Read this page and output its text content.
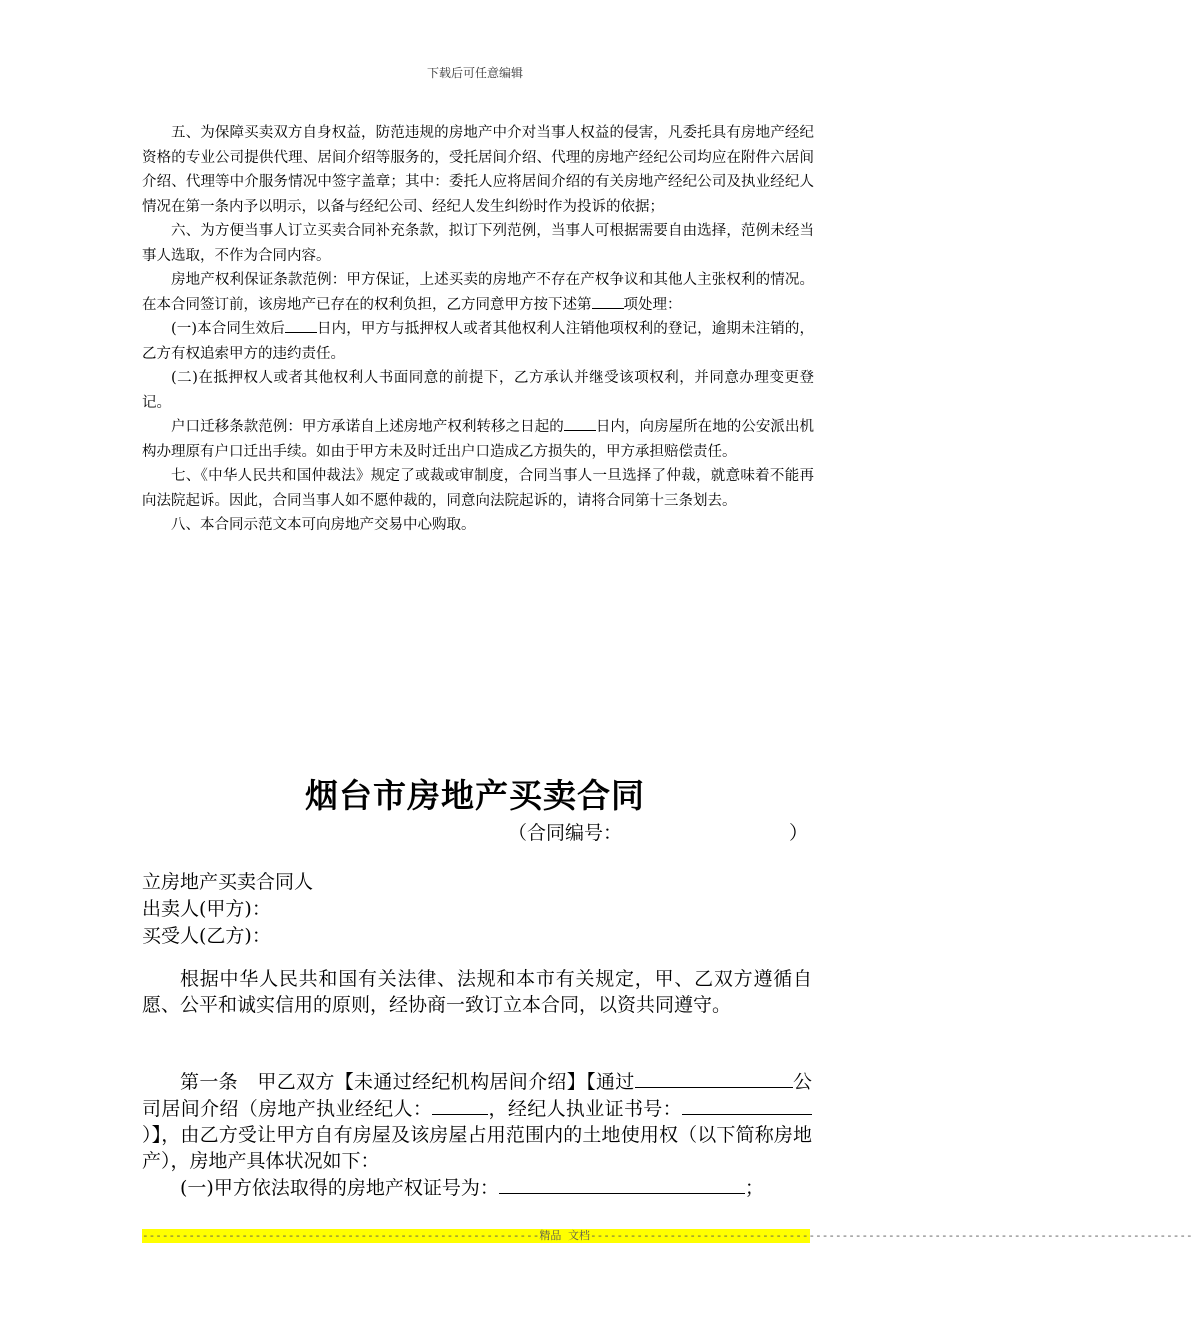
下载后可任意编辑

五、为保障买卖双方自身权益，防范违规的房地产中介对当事人权益的侵害，凡委托具有房地产经纪资格的专业公司提供代理、居间介绍等服务的，受托居间介绍、代理的房地产经纪公司均应在附件六居间介绍、代理等中介服务情况中签字盖章；其中：委托人应将居间介绍的有关房地产经纪公司及执业经纪人情况在第一条内予以明示，以备与经纪公司、经纪人发生纠纷时作为投诉的依据；

六、为方便当事人订立买卖合同补充条款，拟订下列范例，当事人可根据需要自由选择，范例未经当事人选取，不作为合同内容。

房地产权利保证条款范例：甲方保证，上述买卖的房地产不存在产权争议和其他人主张权利的情况。在本合同签订前，该房地产已存在的权利负担，乙方同意甲方按下述第 项处理：

(一)本合同生效后 日内，甲方与抵押权人或者其他权利人注销他项权利的登记，逾期未注销的，乙方有权追索甲方的违约责任。

(二)在抵押权人或者其他权利人书面同意的前提下，乙方承认并继受该项权利，并同意办理变更登记。

户口迁移条款范例：甲方承诺自上述房地产权利转移之日起的 日内，向房屋所在地的公安派出机构办理原有户口迁出手续。如由于甲方未及时迁出户口造成乙方损失的，甲方承担赔偿责任。

七、《中华人民共和国仲裁法》规定了或裁或审制度，合同当事人一旦选择了仲裁，就意味着不能再向法院起诉。因此，合同当事人如不愿仲裁的，同意向法院起诉的，请将合同第十三条划去。

八、本合同示范文本可向房地产交易中心购取。

烟台市房地产买卖合同
（合同编号：	）
立房地产买卖合同人
出卖人(甲方)：
买受人(乙方)：

根据中华人民共和国有关法律、法规和本市有关规定，甲、乙双方遵循自愿、公平和诚实信用的原则，经协商一致订立本合同，以资共同遵守。

第一条　甲乙双方【未通过经纪机构居间介绍】【通过	公司居间介绍（房地产执业经纪人：	，经纪人执业证书号：）】，由乙方受让甲方自有房屋及该房屋占用范围内的土地使用权（以下简称房地产），房地产具体状况如下：

(一)甲方依法取得的房地产权证号为：	；

------------------------------------------------------------精品 文档-------------------------------------------------------------------------------------------
